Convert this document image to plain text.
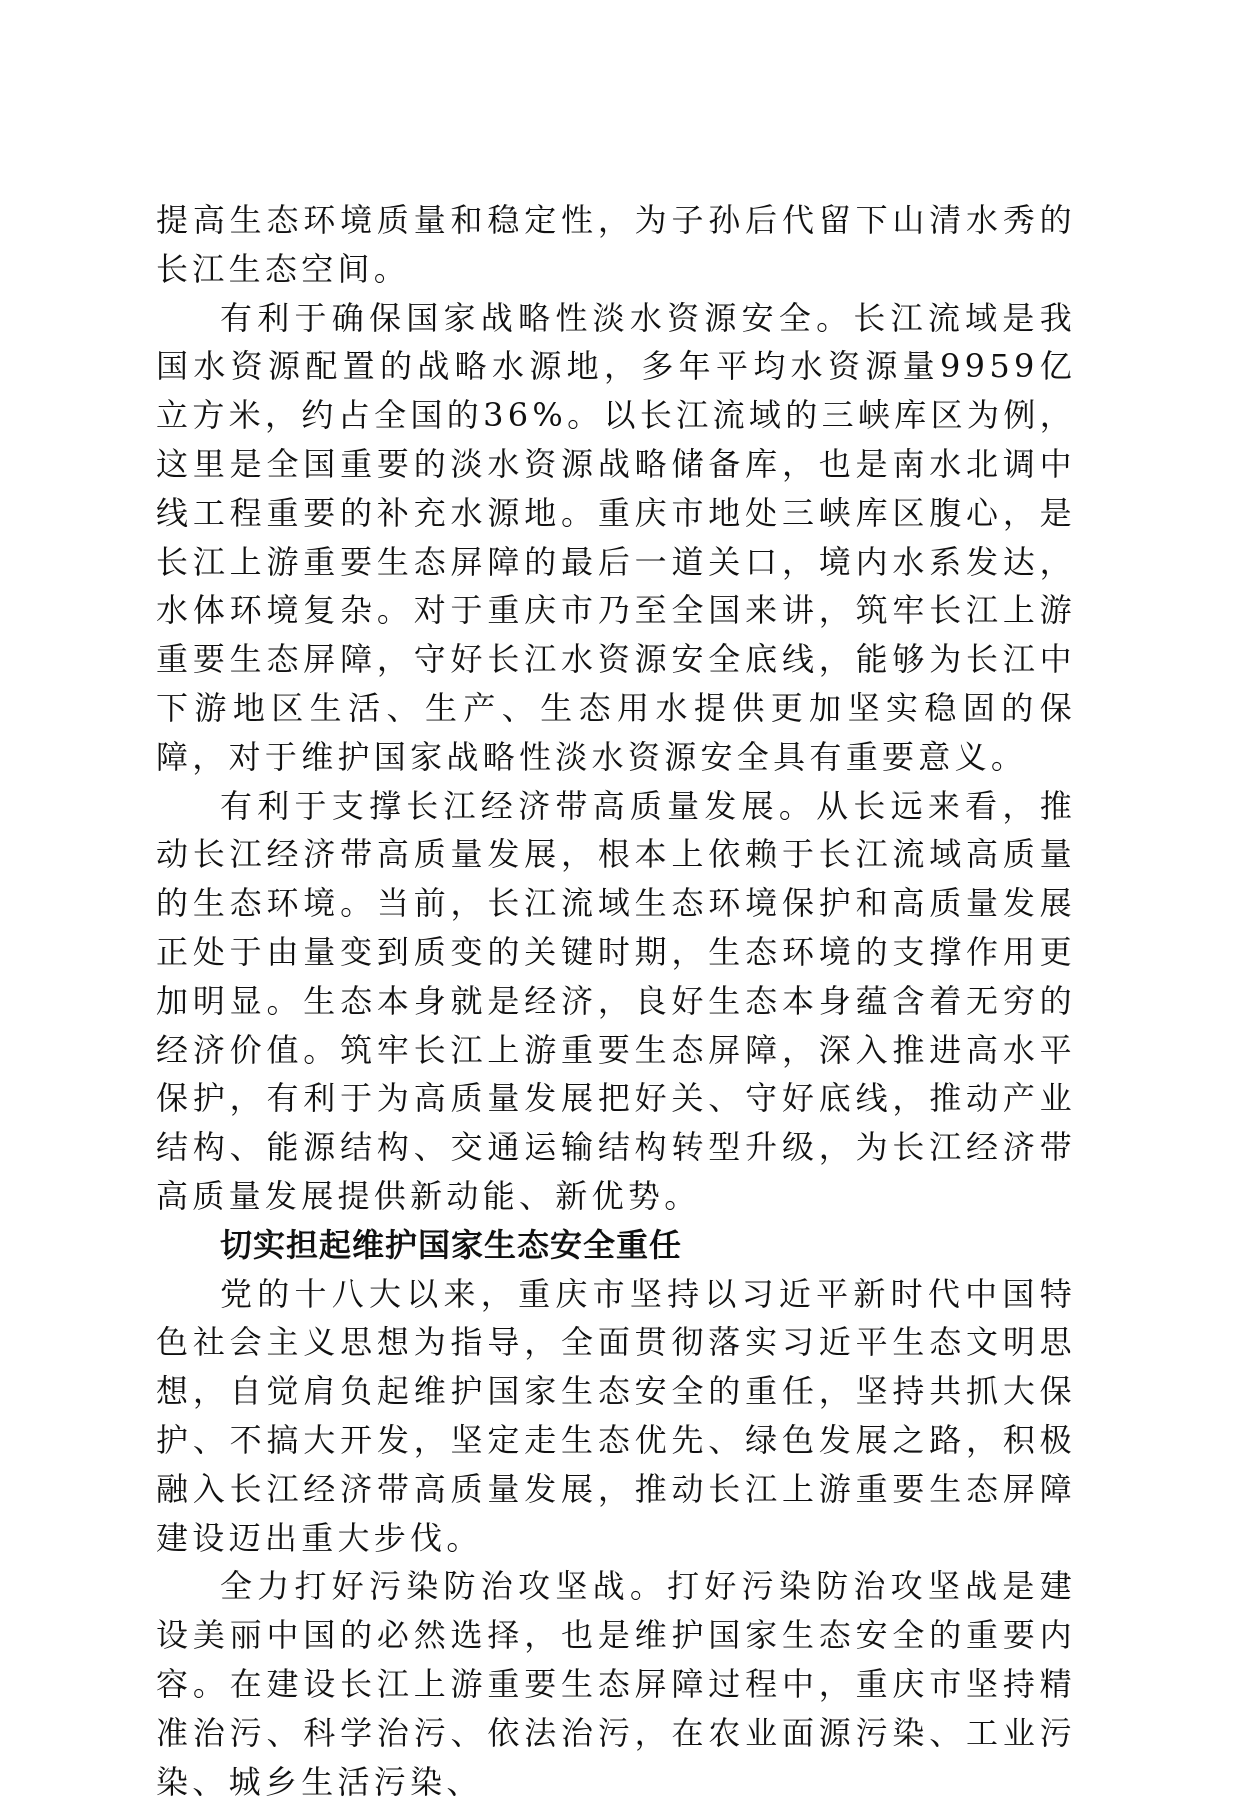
提高生态环境质量和稳定性，为子孙后代留下山清水秀的长江生态空间。

有利于确保国家战略性淡水资源安全。长江流域是我国水资源配置的战略水源地，多年平均水资源量9959亿立方米，约占全国的36%。以长江流域的三峡库区为例，这里是全国重要的淡水资源战略储备库，也是南水北调中线工程重要的补充水源地。重庆市地处三峡库区腹心，是长江上游重要生态屏障的最后一道关口，境内水系发达，水体环境复杂。对于重庆市乃至全国来讲，筑牢长江上游重要生态屏障，守好长江水资源安全底线，能够为长江中下游地区生活、生产、生态用水提供更加坚实稳固的保障，对于维护国家战略性淡水资源安全具有重要意义。

有利于支撑长江经济带高质量发展。从长远来看，推动长江经济带高质量发展，根本上依赖于长江流域高质量的生态环境。当前，长江流域生态环境保护和高质量发展正处于由量变到质变的关键时期，生态环境的支撑作用更加明显。生态本身就是经济，良好生态本身蕴含着无穷的经济价值。筑牢长江上游重要生态屏障，深入推进高水平保护，有利于为高质量发展把好关、守好底线，推动产业结构、能源结构、交通运输结构转型升级，为长江经济带高质量发展提供新动能、新优势。

切实担起维护国家生态安全重任

党的十八大以来，重庆市坚持以习近平新时代中国特色社会主义思想为指导，全面贯彻落实习近平生态文明思想，自觉肩负起维护国家生态安全的重任，坚持共抓大保护、不搞大开发，坚定走生态优先、绿色发展之路，积极融入长江经济带高质量发展，推动长江上游重要生态屏障建设迈出重大步伐。

全力打好污染防治攻坚战。打好污染防治攻坚战是建设美丽中国的必然选择，也是维护国家生态安全的重要内容。在建设长江上游重要生态屏障过程中，重庆市坚持精准治污、科学治污、依法治污，在农业面源污染、工业污染、城乡生活污染、
